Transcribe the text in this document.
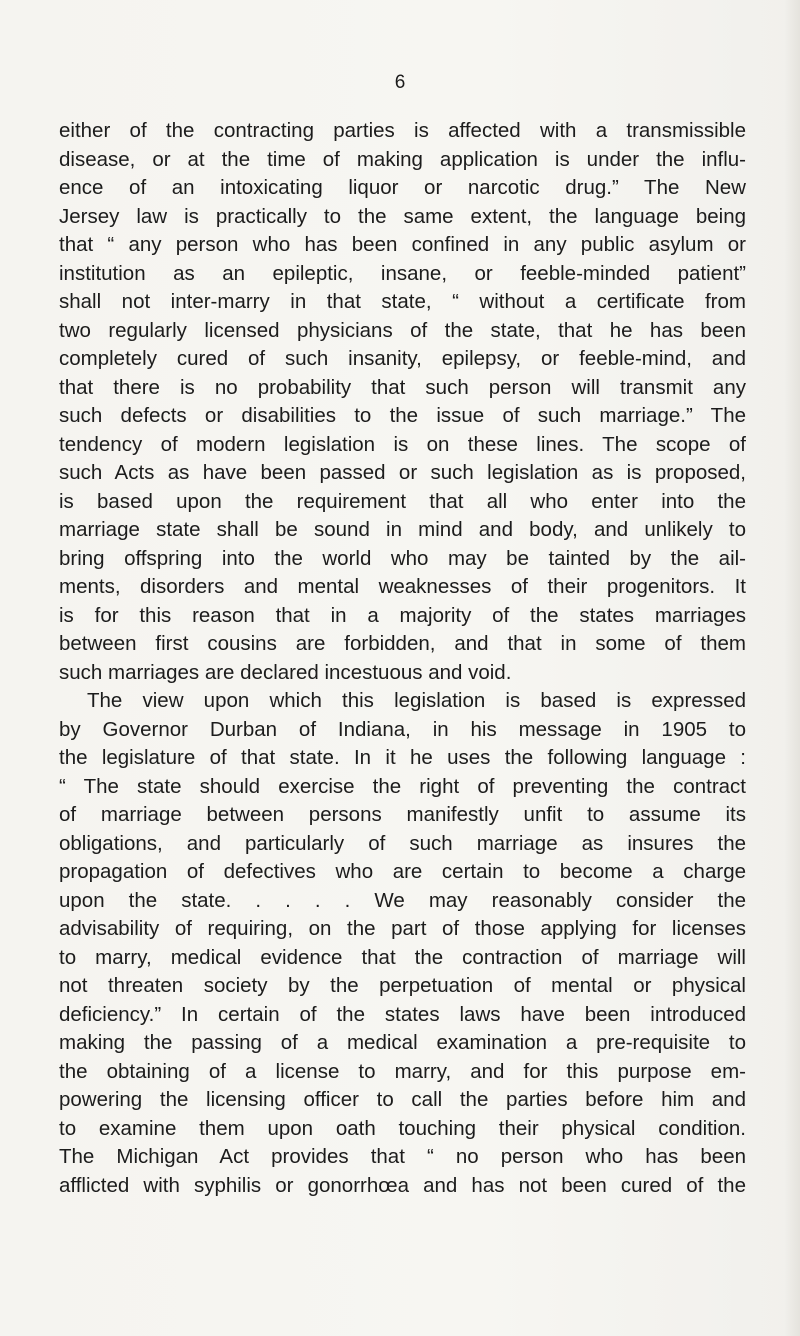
6
either of the contracting parties is affected with a transmissible
disease, or at the time of making application is under the influ-
ence of an intoxicating liquor or narcotic drug.” The New
Jersey law is practically to the same extent, the language being
that “ any person who has been confined in any public asylum or
institution as an epileptic, insane, or feeble-minded patient”
shall not inter-marry in that state, “ without a certificate from
two regularly licensed physicians of the state, that he has been
completely cured of such insanity, epilepsy, or feeble-mind, and
that there is no probability that such person will transmit any
such defects or disabilities to the issue of such marriage.” The
tendency of modern legislation is on these lines. The scope of
such Acts as have been passed or such legislation as is proposed,
is based upon the requirement that all who enter into the
marriage state shall be sound in mind and body, and unlikely to
bring offspring into the world who may be tainted by the ail-
ments, disorders and mental weaknesses of their progenitors. It
is for this reason that in a majority of the states marriages
between first cousins are forbidden, and that in some of them
such marriages are declared incestuous and void.
The view upon which this legislation is based is expressed
by Governor Durban of Indiana, in his message in 1905 to
the legislature of that state. In it he uses the following language :
“ The state should exercise the right of preventing the contract
of marriage between persons manifestly unfit to assume its
obligations, and particularly of such marriage as insures the
propagation of defectives who are certain to become a charge
upon the state. . . . . We may reasonably consider the
advisability of requiring, on the part of those applying for licenses
to marry, medical evidence that the contraction of marriage will
not threaten society by the perpetuation of mental or physical
deficiency.” In certain of the states laws have been introduced
making the passing of a medical examination a pre-requisite to
the obtaining of a license to marry, and for this purpose em-
powering the licensing officer to call the parties before him and
to examine them upon oath touching their physical condition.
The Michigan Act provides that “ no person who has been
afflicted with syphilis or gonorrhœa and has not been cured of the
